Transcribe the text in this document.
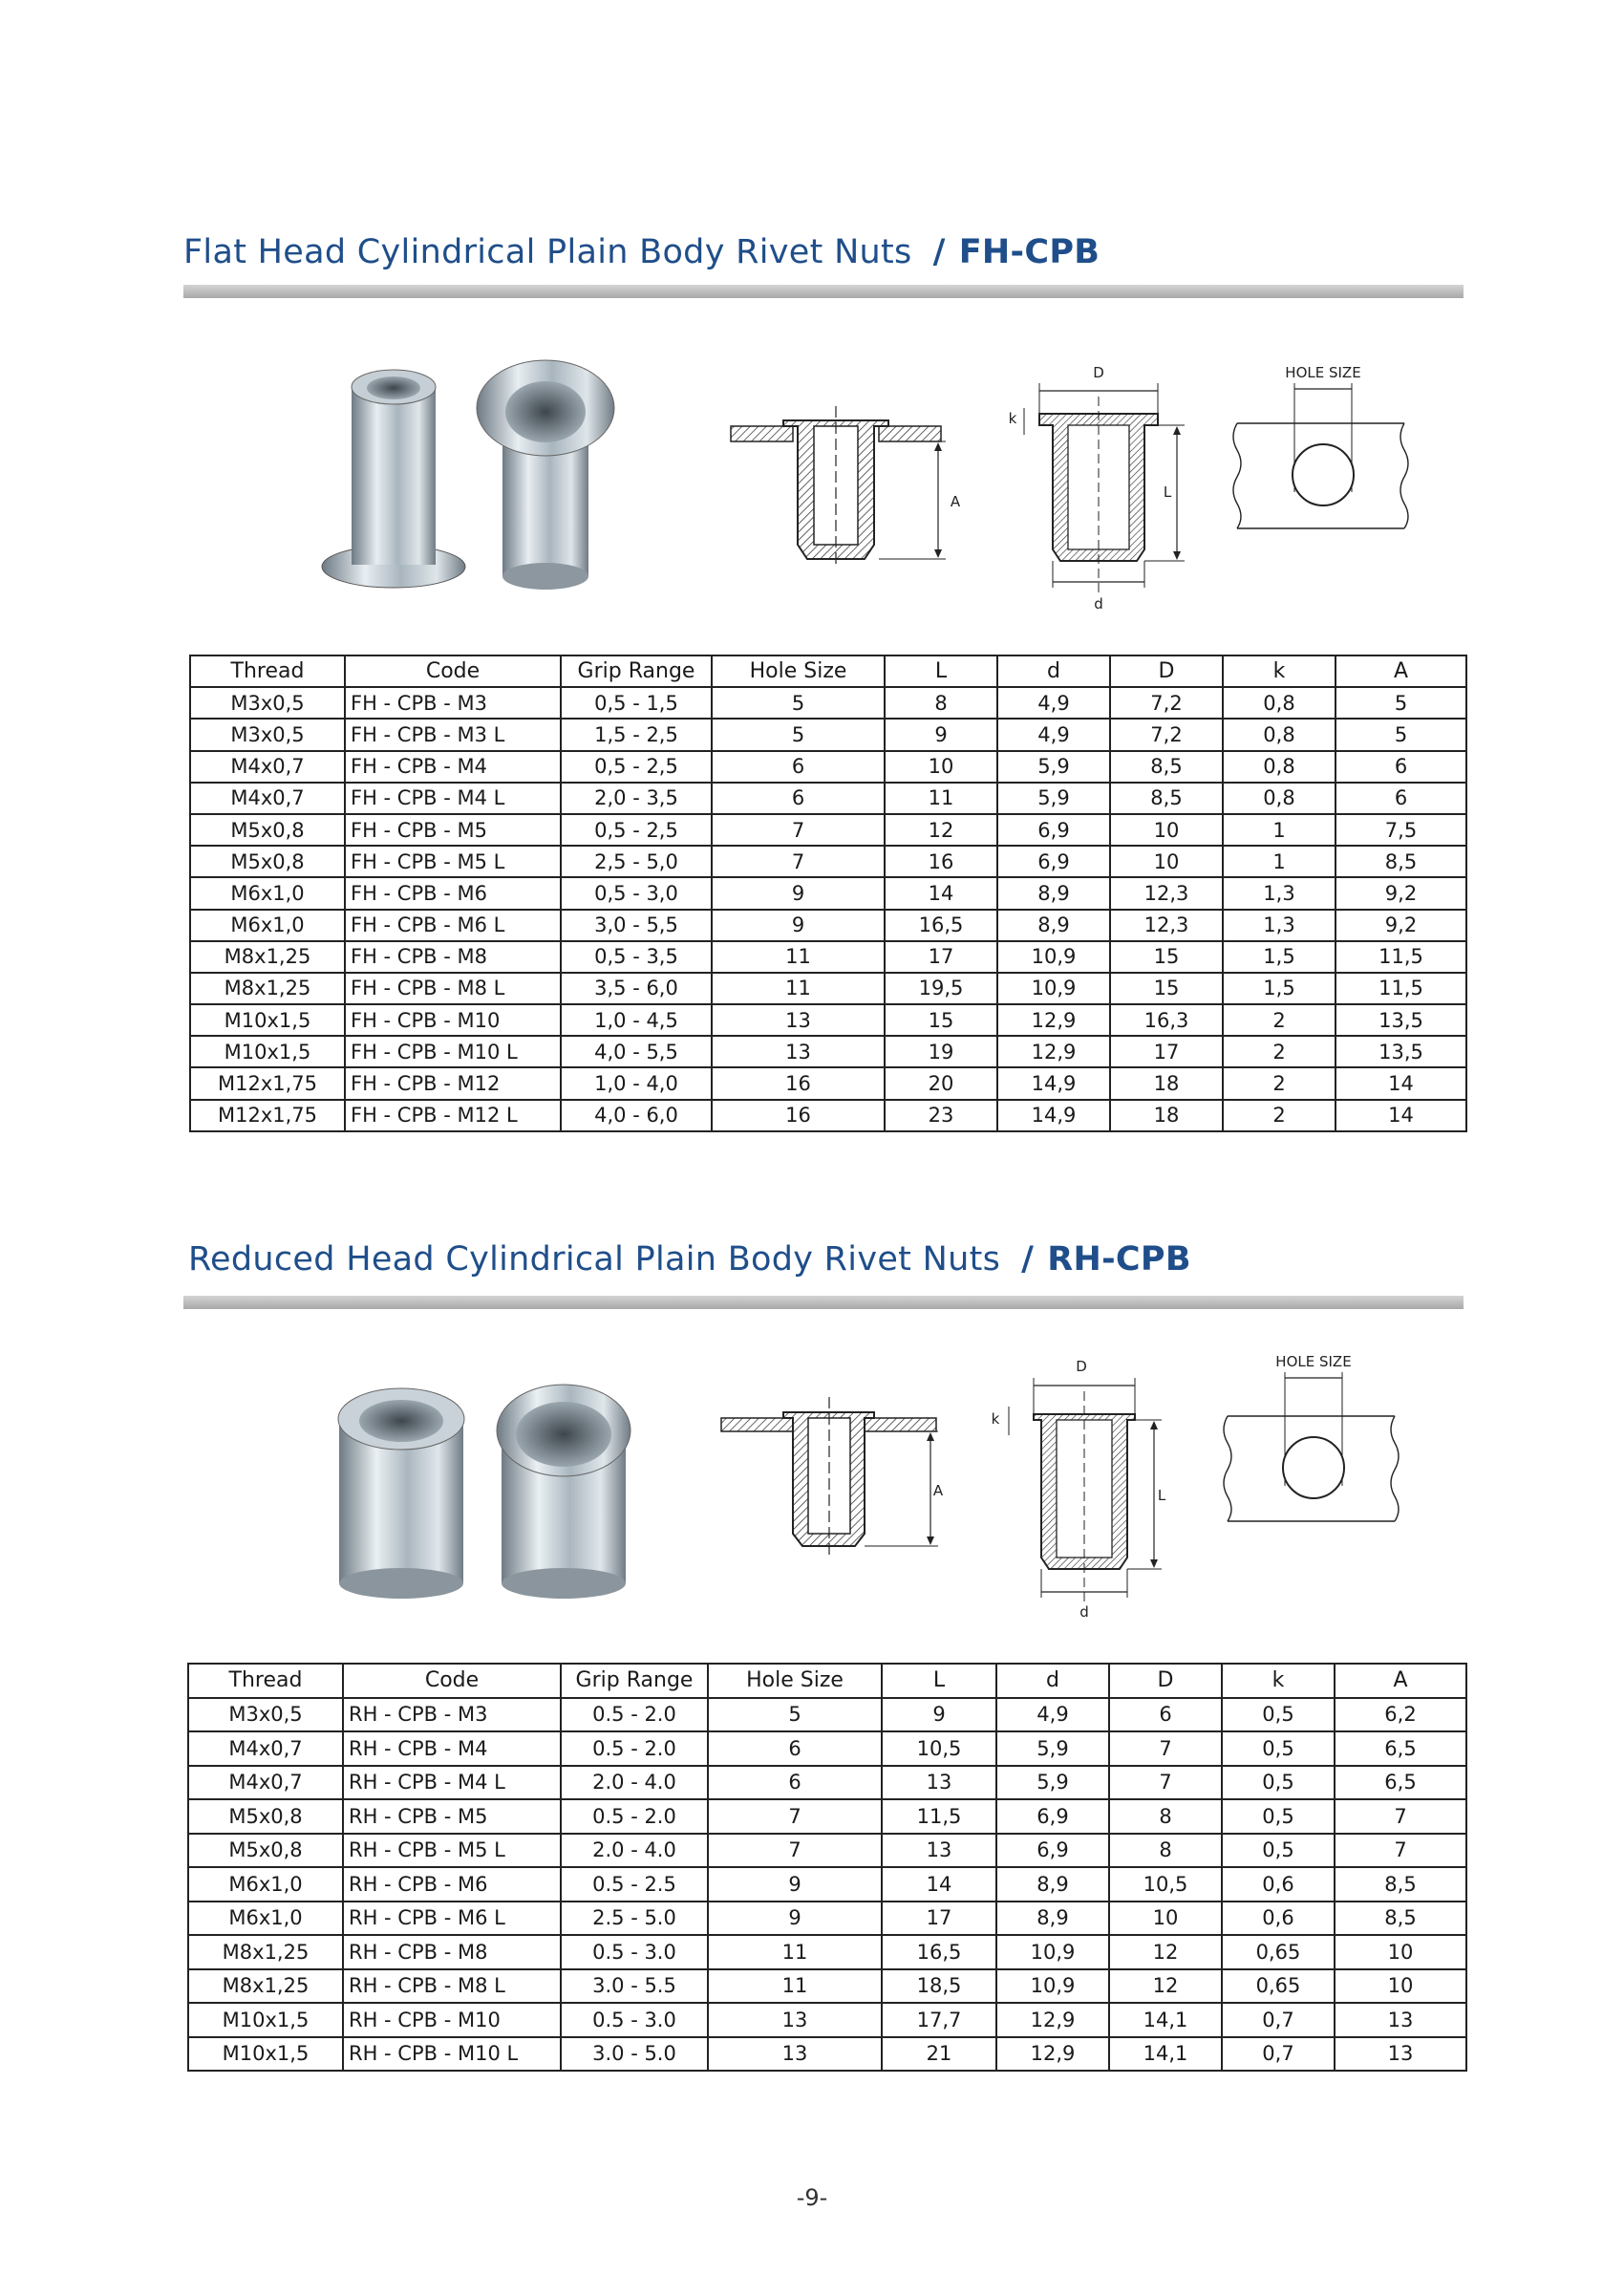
Flat Head Cylindrical Plain Body Rivet Nuts / FH-CPB
A
D
k
L
d
HOLE SIZE
Thread	Code	Grip Range	Hole Size	L	d	D	k	A
M3x0,5	FH - CPB - M3	0,5 - 1,5	5	8	4,9	7,2	0,8	5
M3x0,5	FH - CPB - M3 L	1,5 - 2,5	5	9	4,9	7,2	0,8	5
M4x0,7	FH - CPB - M4	0,5 - 2,5	6	10	5,9	8,5	0,8	6
M4x0,7	FH - CPB - M4 L	2,0 - 3,5	6	11	5,9	8,5	0,8	6
M5x0,8	FH - CPB - M5	0,5 - 2,5	7	12	6,9	10	1	7,5
M5x0,8	FH - CPB - M5 L	2,5 - 5,0	7	16	6,9	10	1	8,5
M6x1,0	FH - CPB - M6	0,5 - 3,0	9	14	8,9	12,3	1,3	9,2
M6x1,0	FH - CPB - M6 L	3,0 - 5,5	9	16,5	8,9	12,3	1,3	9,2
M8x1,25	FH - CPB - M8	0,5 - 3,5	11	17	10,9	15	1,5	11,5
M8x1,25	FH - CPB - M8 L	3,5 - 6,0	11	19,5	10,9	15	1,5	11,5
M10x1,5	FH - CPB - M10	1,0 - 4,5	13	15	12,9	16,3	2	13,5
M10x1,5	FH - CPB - M10 L	4,0 - 5,5	13	19	12,9	17	2	13,5
M12x1,75	FH - CPB - M12	1,0 - 4,0	16	20	14,9	18	2	14
M12x1,75	FH - CPB - M12 L	4,0 - 6,0	16	23	14,9	18	2	14
Reduced Head Cylindrical Plain Body Rivet Nuts / RH-CPB
A
D
k
L
d
HOLE SIZE
Thread	Code	Grip Range	Hole Size	L	d	D	k	A
M3x0,5	RH - CPB - M3	0.5 - 2.0	5	9	4,9	6	0,5	6,2
M4x0,7	RH - CPB - M4	0.5 - 2.0	6	10,5	5,9	7	0,5	6,5
M4x0,7	RH - CPB - M4 L	2.0 - 4.0	6	13	5,9	7	0,5	6,5
M5x0,8	RH - CPB - M5	0.5 - 2.0	7	11,5	6,9	8	0,5	7
M5x0,8	RH - CPB - M5 L	2.0 - 4.0	7	13	6,9	8	0,5	7
M6x1,0	RH - CPB - M6	0.5 - 2.5	9	14	8,9	10,5	0,6	8,5
M6x1,0	RH - CPB - M6 L	2.5 - 5.0	9	17	8,9	10	0,6	8,5
M8x1,25	RH - CPB - M8	0.5 - 3.0	11	16,5	10,9	12	0,65	10
M8x1,25	RH - CPB - M8 L	3.0 - 5.5	11	18,5	10,9	12	0,65	10
M10x1,5	RH - CPB - M10	0.5 - 3.0	13	17,7	12,9	14,1	0,7	13
M10x1,5	RH - CPB - M10 L	3.0 - 5.0	13	21	12,9	14,1	0,7	13
-9-
